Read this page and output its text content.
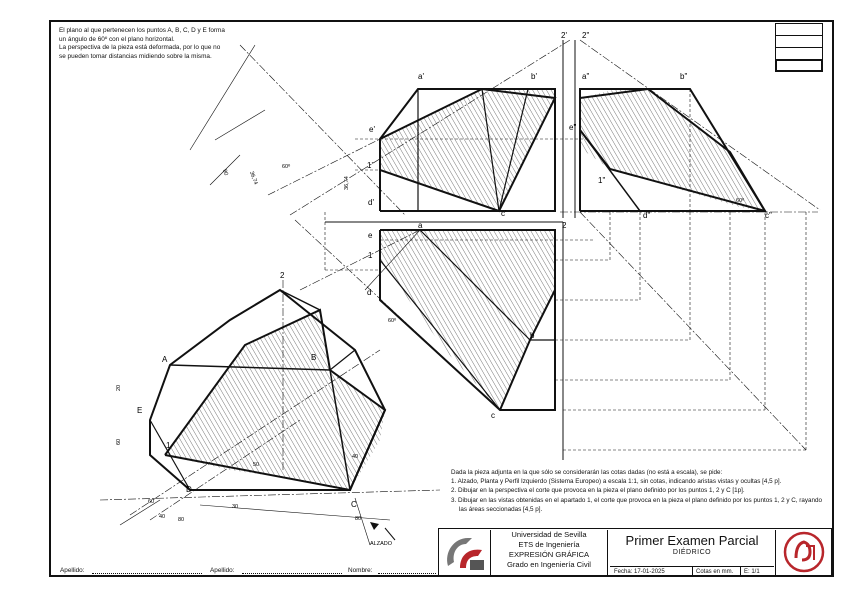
El plano al que pertenecen los puntos A, B, C, D y E forma

un ángulo de 60º con el plano horizontal.

La perspectiva de la pieza está deformada, por lo que no

se pueden tomar distancias midiendo sobre la misma.

a'	b'
c'
d'
e'
1'
2'
a"	b"
c"
d"
e"
1"
2"
a
b
c
d
e
1
2
A	B
C
D
E
1
2
ALZADO
80	36,74
60º
36,74
60º
60º
20
60
80
60
30
50
40	80
40

Dada la pieza adjunta en la que sólo se considerarán las cotas dadas (no está a escala), se pide:

1. Alzado, Planta y Perfil Izquierdo (Sistema Europeo) a escala 1:1, sin cotas, indicando aristas vistas y ocultas [4,5 p].

2. Dibujar en la perspectiva el corte que provoca en la pieza el plano definido por los puntos 1, 2 y C [1p].

3. Dibujar en las vistas obtenidas en el apartado 1, el corte que provoca en la pieza el plano definido por los puntos 1, 2 y C, rayando las áreas seccionadas [4,5 p].

Universidad de Sevilla
ETS de Ingeniería
EXPRESIÓN GRÁFICA
Grado en Ingeniería Civil
Primer Examen Parcial
DIÉDRICO
Fecha: 17-01-2025	Cotas en mm.	E: 1/1
Apellido:	Apellido:	Nombre:
